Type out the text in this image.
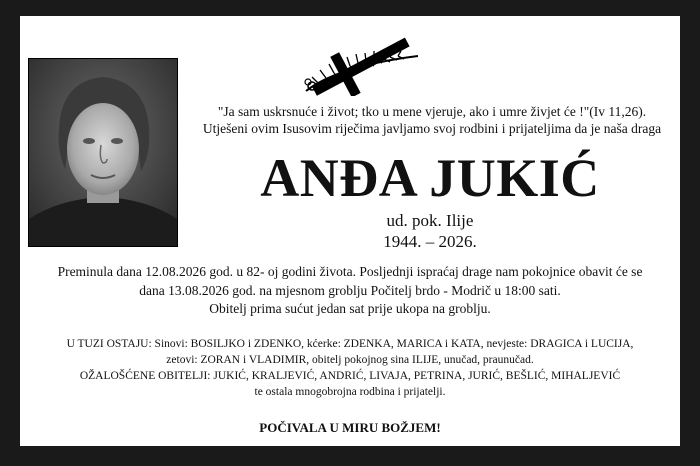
"Ja sam uskrsnuće i život; tko u mene vjeruje, ako i umre živjet će !"(Iv 11,26).
Utješeni ovim Isusovim riječima javljamo svoj rodbini i prijateljima da je naša draga
ANĐA JUKIĆ
ud. pok. Ilije
1944. – 2026.
Preminula dana 12.08.2026 god. u 82- oj godini života. Posljednji ispraćaj drage nam pokojnice obavit će se
dana 13.08.2026 god. na mjesnom groblju Počitelj brdo - Modrič u 18:00 sati.
Obitelj prima sućut jedan sat prije ukopa na groblju.
U TUZI OSTAJU: Sinovi: BOSILJKO i ZDENKO, kćerke: ZDENKA, MARICA i KATA, nevjeste: DRAGICA i LUCIJA,
zetovi: ZORAN i VLADIMIR, obitelj pokojnog sina ILIJE, unučad, praunučad.
OŽALOŠĆENE OBITELJI: JUKIĆ, KRALJEVIĆ, ANDRIĆ, LIVAJA, PETRINA, JURIĆ, BEŠLIĆ, MIHALJEVIĆ
te ostala mnogobrojna rodbina i prijatelji.
POČIVALA U MIRU BOŽJEM!
